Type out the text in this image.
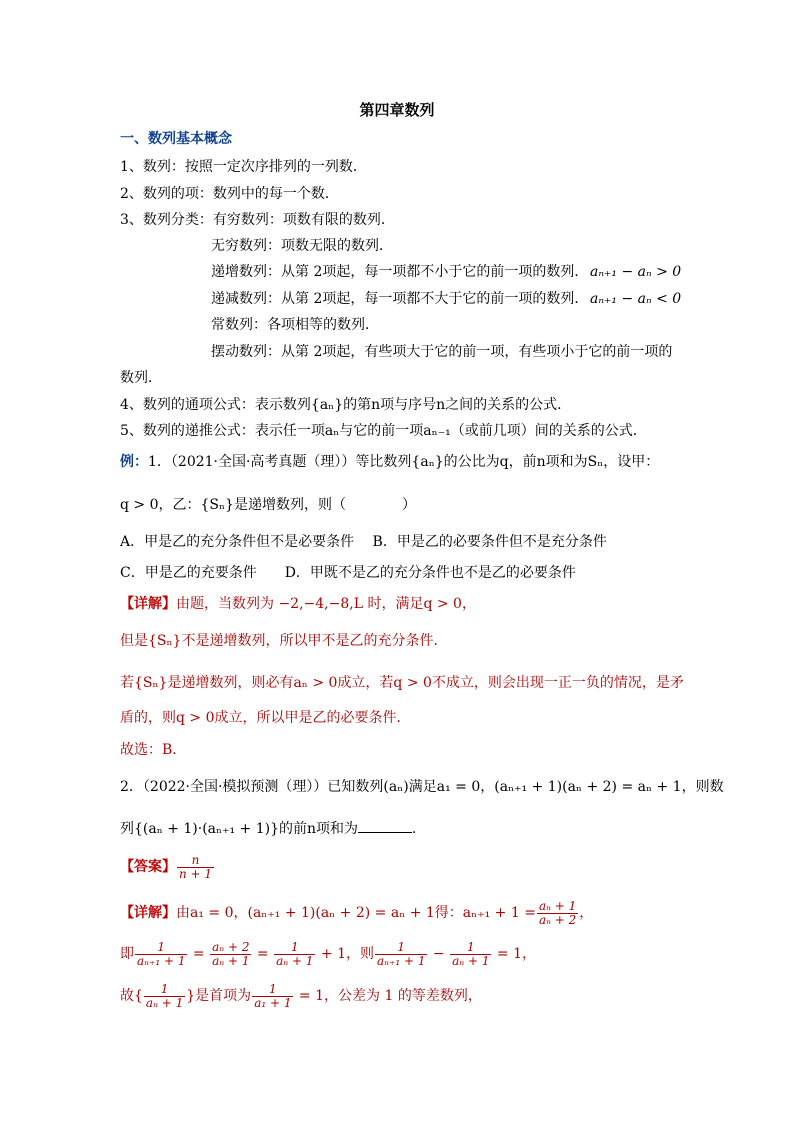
第四章数列
一、数列基本概念
1、数列：按照一定次序排列的一列数．
2、数列的项：数列中的每一个数．
3、数列分类：有穷数列：项数有限的数列．
无穷数列：项数无限的数列．
递增数列：从第 2项起，每一项都不小于它的前一项的数列． aₙ₊₁ − aₙ > 0
递减数列：从第 2项起，每一项都不大于它的前一项的数列． aₙ₊₁ − aₙ < 0
常数列：各项相等的数列．
摆动数列：从第 2项起，有些项大于它的前一项，有些项小于它的前一项的
数列．
4、数列的通项公式：表示数列{aₙ}的第n项与序号n之间的关系的公式．
5、数列的递推公式：表示任一项aₙ与它的前一项aₙ₋₁（或前几项）间的关系的公式．
例：1．（2021·全国·高考真题（理））等比数列{aₙ}的公比为q，前n项和为Sₙ，设甲：
q > 0，乙：{Sₙ}是递增数列，则（　　　　）
A．甲是乙的充分条件但不是必要条件　 B．甲是乙的必要条件但不是充分条件
C．甲是乙的充要条件　　D．甲既不是乙的充分条件也不是乙的必要条件
【详解】由题，当数列为 −2,−4,−8,L 时，满足q > 0，
但是{Sₙ}不是递增数列，所以甲不是乙的充分条件．
若{Sₙ}是递增数列，则必有aₙ > 0成立，若q > 0不成立，则会出现一正一负的情况，是矛
盾的，则q > 0成立，所以甲是乙的必要条件．
故选：B．
2．（2022·全国·模拟预测（理））已知数列(aₙ)满足a₁ = 0，(aₙ₊₁ + 1)(aₙ + 2) = aₙ + 1，则数
列{(aₙ + 1)·(aₙ₊₁ + 1)}的前n项和为	．
【答案】 $\frac{n}{n + 1}$
【详解】由a₁ = 0，(aₙ₊₁ + 1)(aₙ + 2) = aₙ + 1得：$a_{n+1} + 1 = \frac{\text{aₙ + 1}}{\text{aₙ + 2}}$ ，
即 $\frac{1}{\text{aₙ₊₁ + 1}} = \frac{\text{aₙ + 2}}{\text{aₙ + 1}} = \frac{1}{\text{aₙ + 1}} + 1$，则 $\frac{1}{\text{aₙ₊₁ + 1}} - \frac{1}{\text{aₙ + 1}} = 1$，
故{ $\frac{1}{\text{aₙ + 1}}$ }是首项为 $\frac{1}{\text{a₁ + 1}} = 1$，公差为 1 的等差数列，
